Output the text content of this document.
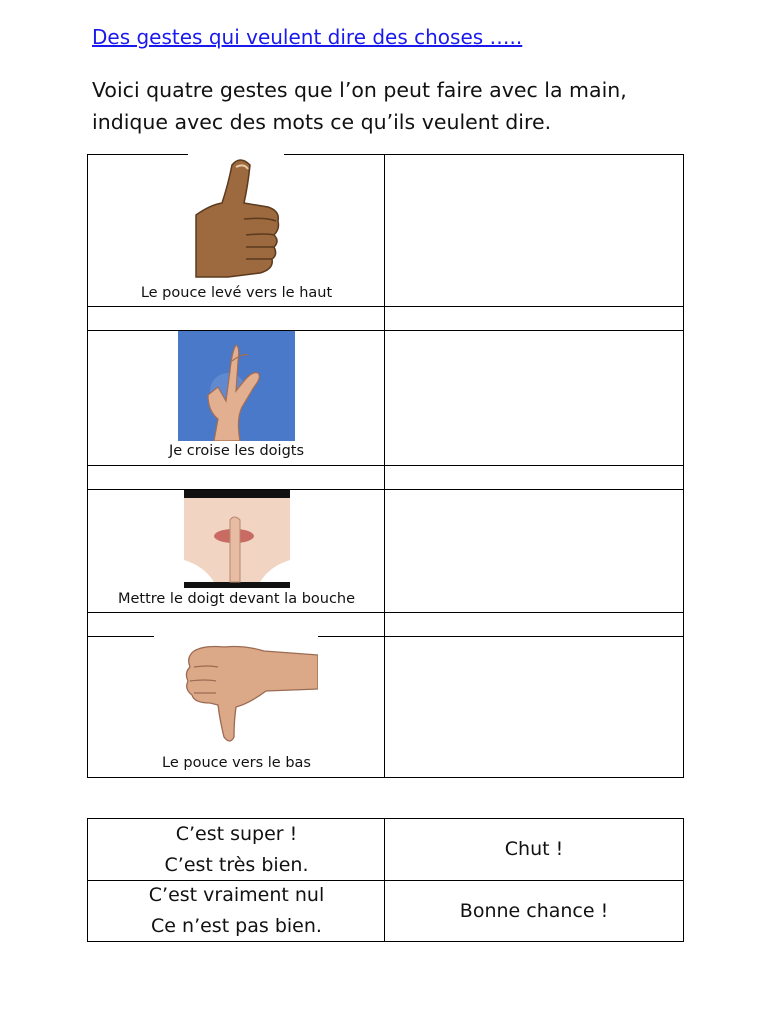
Des gestes qui veulent dire des choses …..
Voici quatre gestes que l’on peut faire avec la main,
indique avec des mots ce qu’ils veulent dire.
Le pouce levé vers le haut
Je croise les doigts
Mettre le doigt devant la bouche
Le pouce vers le bas
C’est super !
C’est très bien.
Chut !
C’est vraiment nul
Ce n’est pas bien.
Bonne chance !
